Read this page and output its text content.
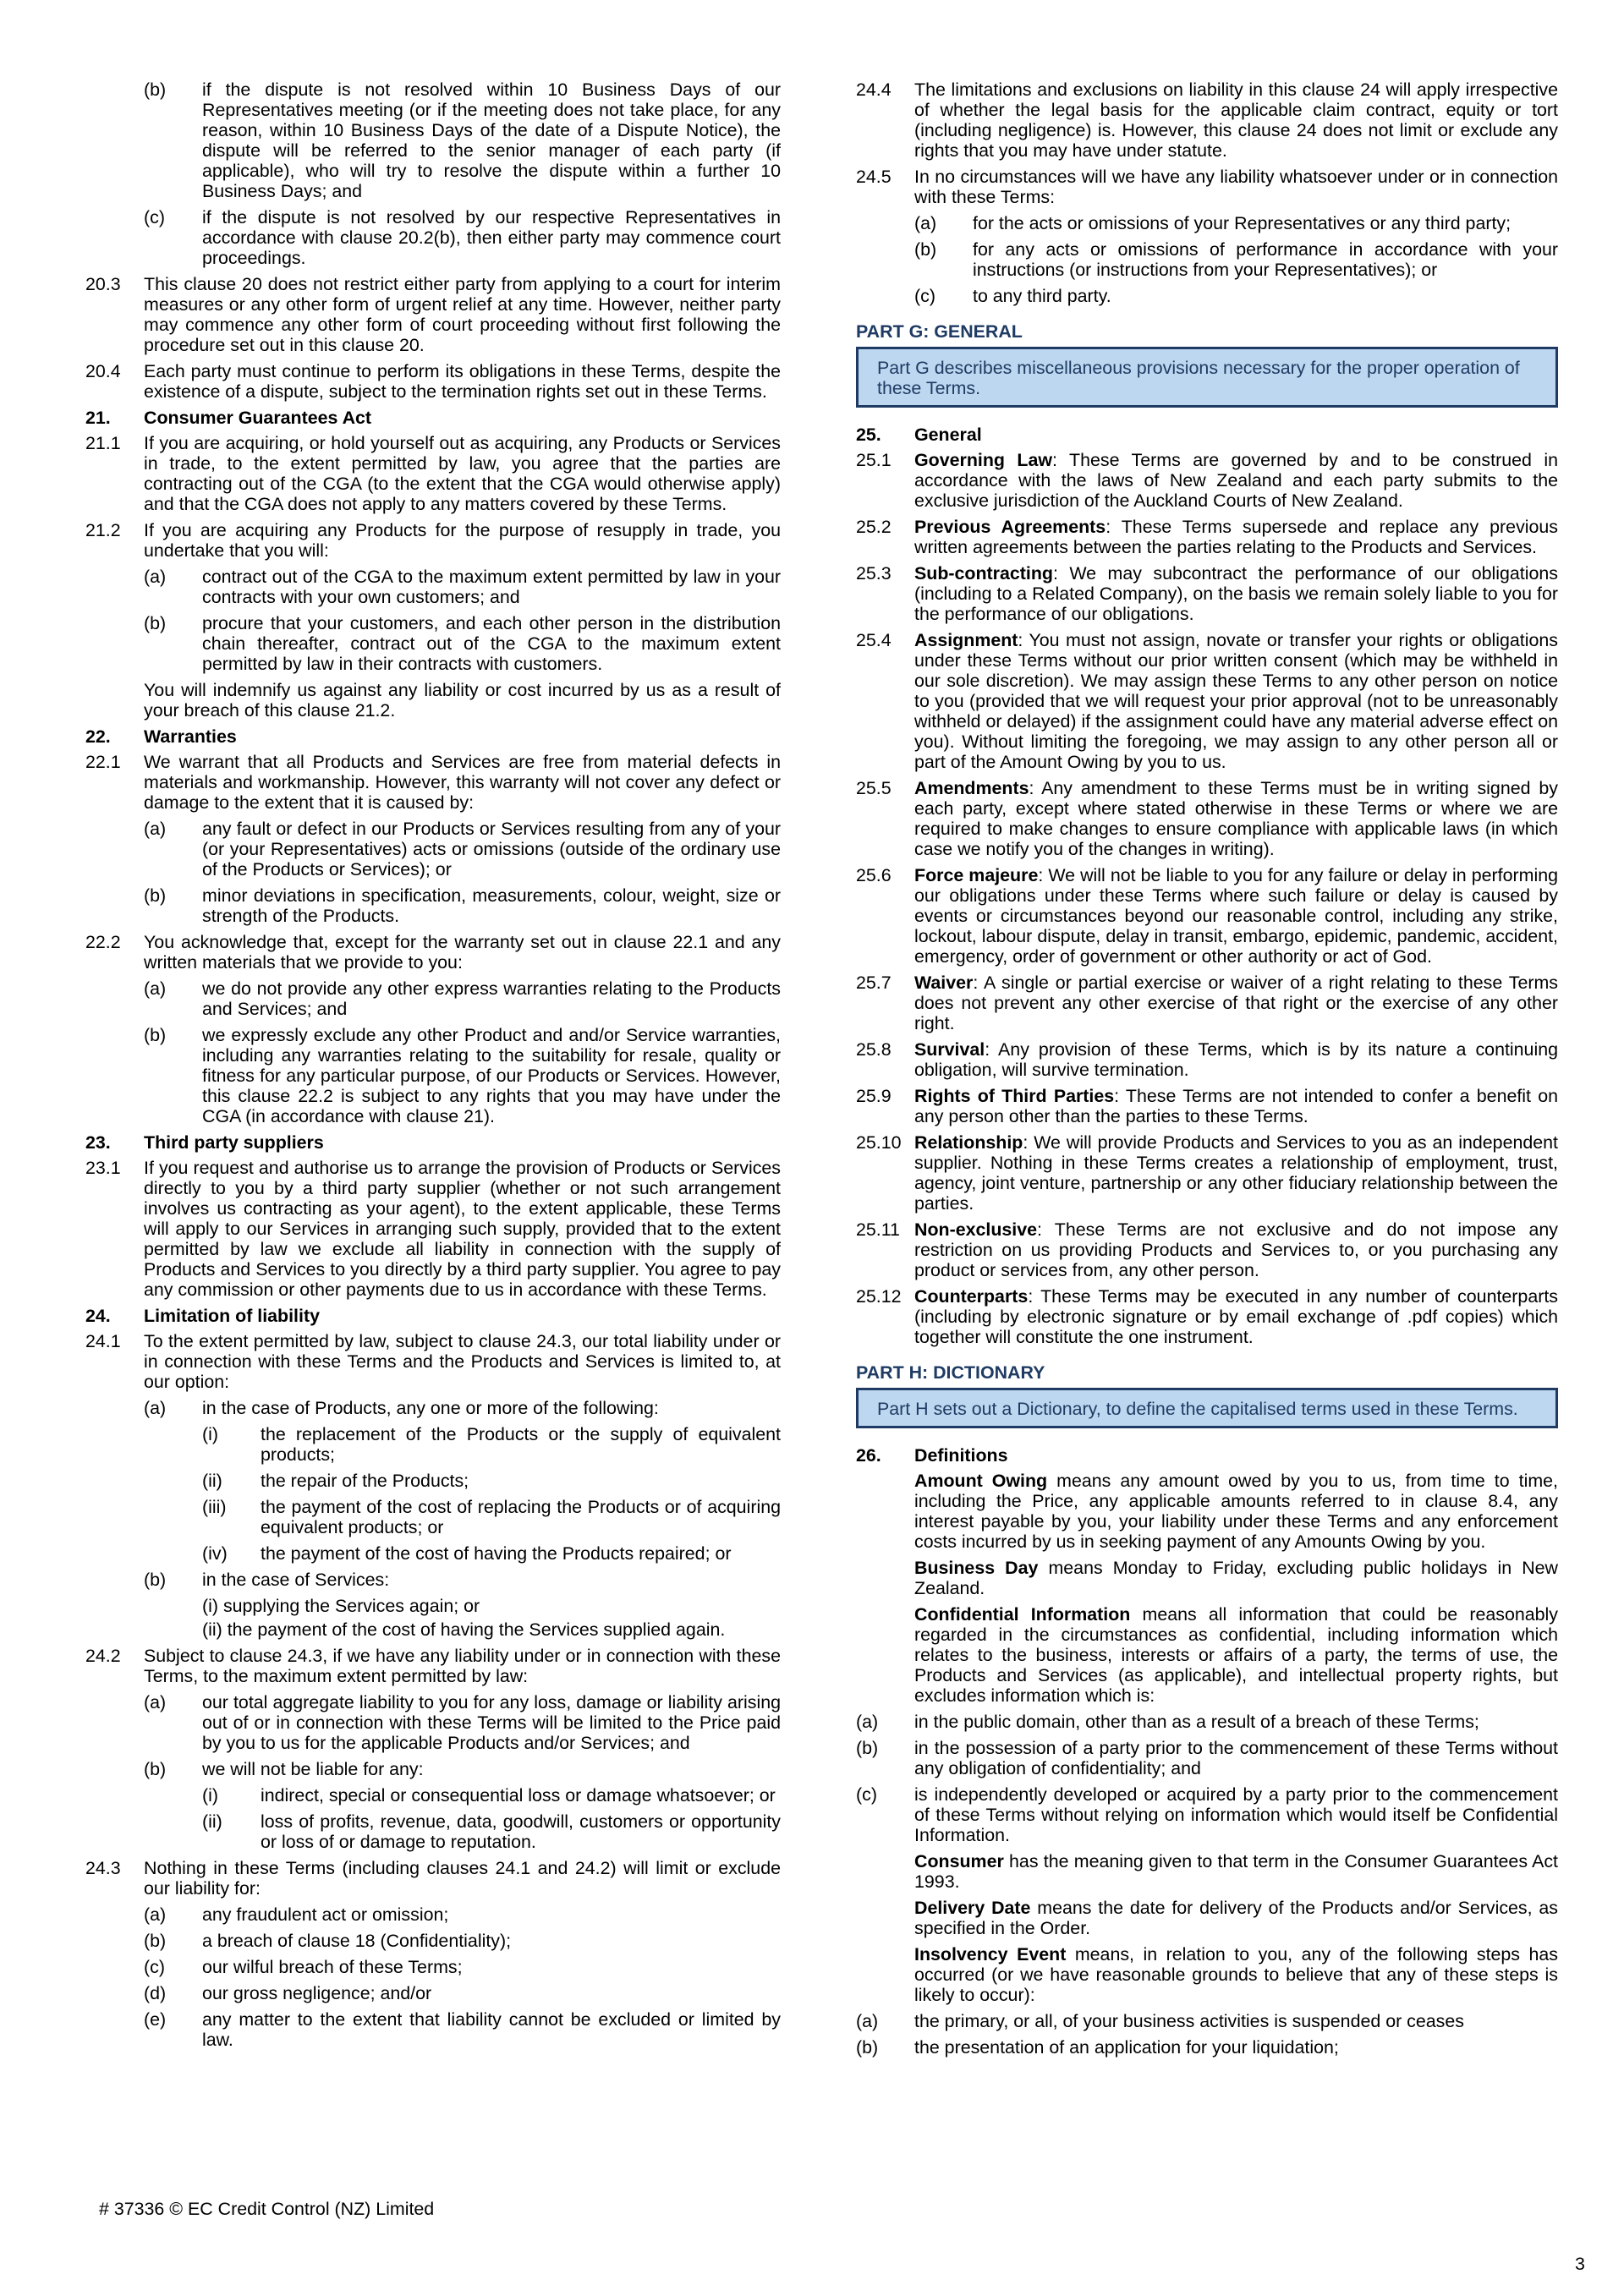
(b)	if the dispute is not resolved within 10 Business Days of our Representatives meeting (or if the meeting does not take place, for any reason, within 10 Business Days of the date of a Dispute Notice), the dispute will be referred to the senior manager of each party (if applicable), who will try to resolve the dispute within a further 10 Business Days; and
(c)	if the dispute is not resolved by our respective Representatives in accordance with clause 20.2(b), then either party may commence court proceedings.
20.3	This clause 20 does not restrict either party from applying to a court for interim measures or any other form of urgent relief at any time. However, neither party may commence any other form of court proceeding without first following the procedure set out in this clause 20.
20.4	Each party must continue to perform its obligations in these Terms, despite the existence of a dispute, subject to the termination rights set out in these Terms.
21.	Consumer Guarantees Act
21.1	If you are acquiring, or hold yourself out as acquiring, any Products or Services in trade, to the extent permitted by law, you agree that the parties are contracting out of the CGA (to the extent that the CGA would otherwise apply) and that the CGA does not apply to any matters covered by these Terms.
21.2	If you are acquiring any Products for the purpose of resupply in trade, you undertake that you will:
(a)	contract out of the CGA to the maximum extent permitted by law in your contracts with your own customers; and
(b)	procure that your customers, and each other person in the distribution chain thereafter, contract out of the CGA to the maximum extent permitted by law in their contracts with customers.
You will indemnify us against any liability or cost incurred by us as a result of your breach of this clause 21.2.
22.	Warranties
22.1	We warrant that all Products and Services are free from material defects in materials and workmanship. However, this warranty will not cover any defect or damage to the extent that it is caused by:
(a)	any fault or defect in our Products or Services resulting from any of your (or your Representatives) acts or omissions (outside of the ordinary use of the Products or Services); or
(b)	minor deviations in specification, measurements, colour, weight, size or strength of the Products.
22.2	You acknowledge that, except for the warranty set out in clause 22.1 and any written materials that we provide to you:
(a)	we do not provide any other express warranties relating to the Products and Services; and
(b)	we expressly exclude any other Product and and/or Service warranties, including any warranties relating to the suitability for resale, quality or fitness for any particular purpose, of our Products or Services. However, this clause 22.2 is subject to any rights that you may have under the CGA (in accordance with clause 21).
23.	Third party suppliers
23.1	If you request and authorise us to arrange the provision of Products or Services directly to you by a third party supplier (whether or not such arrangement involves us contracting as your agent), to the extent applicable, these Terms will apply to our Services in arranging such supply, provided that to the extent permitted by law we exclude all liability in connection with the supply of Products and Services to you directly by a third party supplier. You agree to pay any commission or other payments due to us in accordance with these Terms.
24.	Limitation of liability
24.1	To the extent permitted by law, subject to clause 24.3, our total liability under or in connection with these Terms and the Products and Services is limited to, at our option:
(a)	in the case of Products, any one or more of the following:
(i)	the replacement of the Products or the supply of equivalent products;
(ii)	the repair of the Products;
(iii)	the payment of the cost of replacing the Products or of acquiring equivalent products; or
(iv)	the payment of the cost of having the Products repaired; or
(b)	in the case of Services:
(i) supplying the Services again; or
(ii) the payment of the cost of having the Services supplied again.
24.2	Subject to clause 24.3, if we have any liability under or in connection with these Terms, to the maximum extent permitted by law:
(a)	our total aggregate liability to you for any loss, damage or liability arising out of or in connection with these Terms will be limited to the Price paid by you to us for the applicable Products and/or Services; and
(b)	we will not be liable for any:
(i)	indirect, special or consequential loss or damage whatsoever; or
(ii)	loss of profits, revenue, data, goodwill, customers or opportunity or loss of or damage to reputation.
24.3	Nothing in these Terms (including clauses 24.1 and 24.2) will limit or exclude our liability for:
(a)	any fraudulent act or omission;
(b)	a breach of clause 18 (Confidentiality);
(c)	our wilful breach of these Terms;
(d)	our gross negligence; and/or
(e)	any matter to the extent that liability cannot be excluded or limited by law.
24.4	The limitations and exclusions on liability in this clause 24 will apply irrespective of whether the legal basis for the applicable claim contract, equity or tort (including negligence) is. However, this clause 24 does not limit or exclude any rights that you may have under statute.
24.5	In no circumstances will we have any liability whatsoever under or in connection with these Terms:
(a)	for the acts or omissions of your Representatives or any third party;
(b)	for any acts or omissions of performance in accordance with your instructions (or instructions from your Representatives); or
(c)	to any third party.
PART G: GENERAL
Part G describes miscellaneous provisions necessary for the proper operation of these Terms.
25.	General
25.1	Governing Law: These Terms are governed by and to be construed in accordance with the laws of New Zealand and each party submits to the exclusive jurisdiction of the Auckland Courts of New Zealand.
25.2	Previous Agreements: These Terms supersede and replace any previous written agreements between the parties relating to the Products and Services.
25.3	Sub-contracting: We may subcontract the performance of our obligations (including to a Related Company), on the basis we remain solely liable to you for the performance of our obligations.
25.4	Assignment: You must not assign, novate or transfer your rights or obligations under these Terms without our prior written consent (which may be withheld in our sole discretion). We may assign these Terms to any other person on notice to you (provided that we will request your prior approval (not to be unreasonably withheld or delayed) if the assignment could have any material adverse effect on you). Without limiting the foregoing, we may assign to any other person all or part of the Amount Owing by you to us.
25.5	Amendments: Any amendment to these Terms must be in writing signed by each party, except where stated otherwise in these Terms or where we are required to make changes to ensure compliance with applicable laws (in which case we notify you of the changes in writing).
25.6	Force majeure: We will not be liable to you for any failure or delay in performing our obligations under these Terms where such failure or delay is caused by events or circumstances beyond our reasonable control, including any strike, lockout, labour dispute, delay in transit, embargo, epidemic, pandemic, accident, emergency, order of government or other authority or act of God.
25.7	Waiver: A single or partial exercise or waiver of a right relating to these Terms does not prevent any other exercise of that right or the exercise of any other right.
25.8	Survival: Any provision of these Terms, which is by its nature a continuing obligation, will survive termination.
25.9	Rights of Third Parties: These Terms are not intended to confer a benefit on any person other than the parties to these Terms.
25.10 Relationship: We will provide Products and Services to you as an independent supplier. Nothing in these Terms creates a relationship of employment, trust, agency, joint venture, partnership or any other fiduciary relationship between the parties.
25.11 Non-exclusive: These Terms are not exclusive and do not impose any restriction on us providing Products and Services to, or you purchasing any product or services from, any other person.
25.12 Counterparts: These Terms may be executed in any number of counterparts (including by electronic signature or by email exchange of .pdf copies) which together will constitute the one instrument.
PART H: DICTIONARY
Part H sets out a Dictionary, to define the capitalised terms used in these Terms.
26.	Definitions
Amount Owing means any amount owed by you to us, from time to time, including the Price, any applicable amounts referred to in clause 8.4, any interest payable by you, your liability under these Terms and any enforcement costs incurred by us in seeking payment of any Amounts Owing by you.
Business Day means Monday to Friday, excluding public holidays in New Zealand.
Confidential Information means all information that could be reasonably regarded in the circumstances as confidential, including information which relates to the business, interests or affairs of a party, the terms of use, the Products and Services (as applicable), and intellectual property rights, but excludes information which is:
(a)	in the public domain, other than as a result of a breach of these Terms;
(b)	in the possession of a party prior to the commencement of these Terms without any obligation of confidentiality; and
(c)	is independently developed or acquired by a party prior to the commencement of these Terms without relying on information which would itself be Confidential Information.
Consumer has the meaning given to that term in the Consumer Guarantees Act 1993.
Delivery Date means the date for delivery of the Products and/or Services, as specified in the Order.
Insolvency Event means, in relation to you, any of the following steps has occurred (or we have reasonable grounds to believe that any of these steps is likely to occur):
(a)	the primary, or all, of your business activities is suspended or ceases
(b)	the presentation of an application for your liquidation;
# 37336 © EC Credit Control (NZ) Limited
3
